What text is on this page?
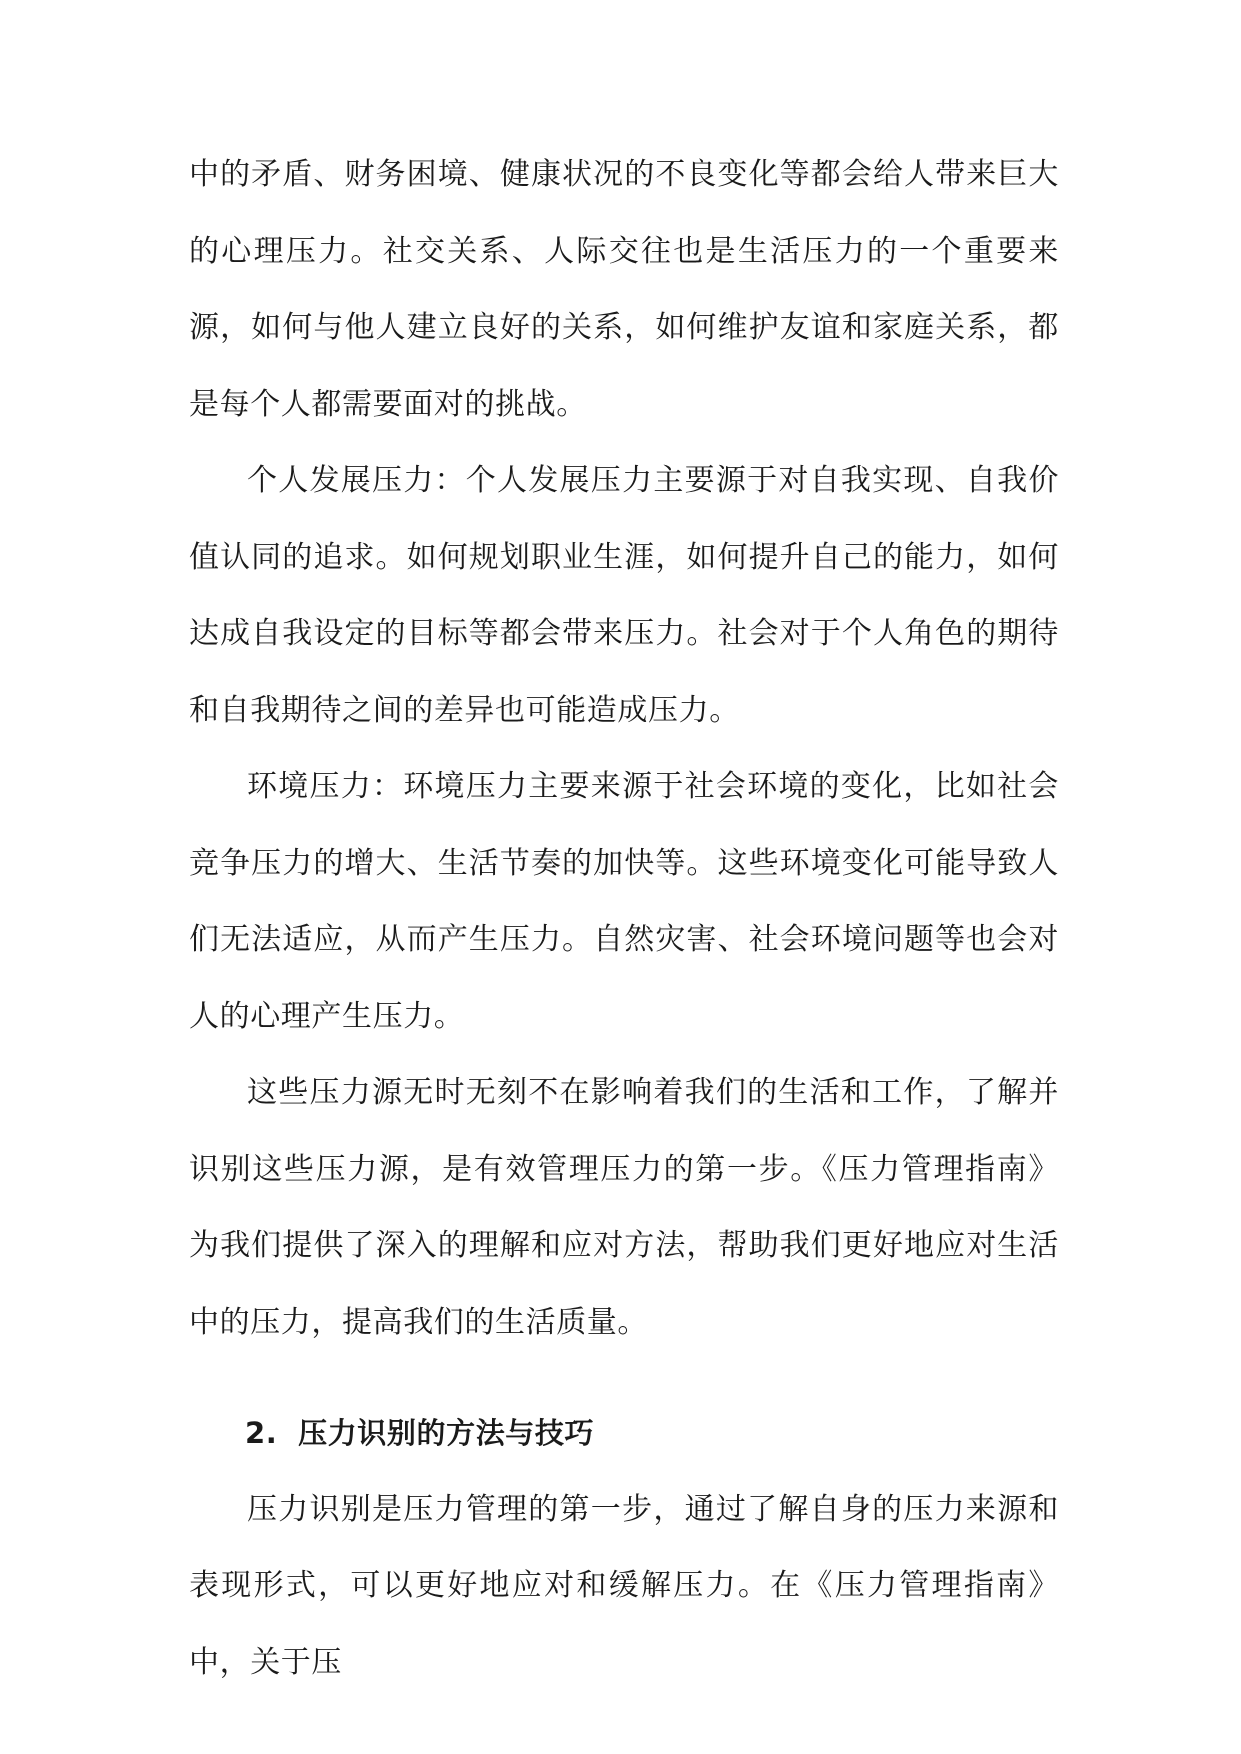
中的矛盾、财务困境、健康状况的不良变化等都会给人带来巨大的心理压力。社交关系、人际交往也是生活压力的一个重要来源，如何与他人建立良好的关系，如何维护友谊和家庭关系，都是每个人都需要面对的挑战。

个人发展压力：个人发展压力主要源于对自我实现、自我价值认同的追求。如何规划职业生涯，如何提升自己的能力，如何达成自我设定的目标等都会带来压力。社会对于个人角色的期待和自我期待之间的差异也可能造成压力。

环境压力：环境压力主要来源于社会环境的变化，比如社会竞争压力的增大、生活节奏的加快等。这些环境变化可能导致人们无法适应，从而产生压力。自然灾害、社会环境问题等也会对人的心理产生压力。

这些压力源无时无刻不在影响着我们的生活和工作，了解并识别这些压力源，是有效管理压力的第一步。《压力管理指南》为我们提供了深入的理解和应对方法，帮助我们更好地应对生活中的压力，提高我们的生活质量。

2. 压力识别的方法与技巧

压力识别是压力管理的第一步，通过了解自身的压力来源和表现形式，可以更好地应对和缓解压力。在《压力管理指南》中，关于压
